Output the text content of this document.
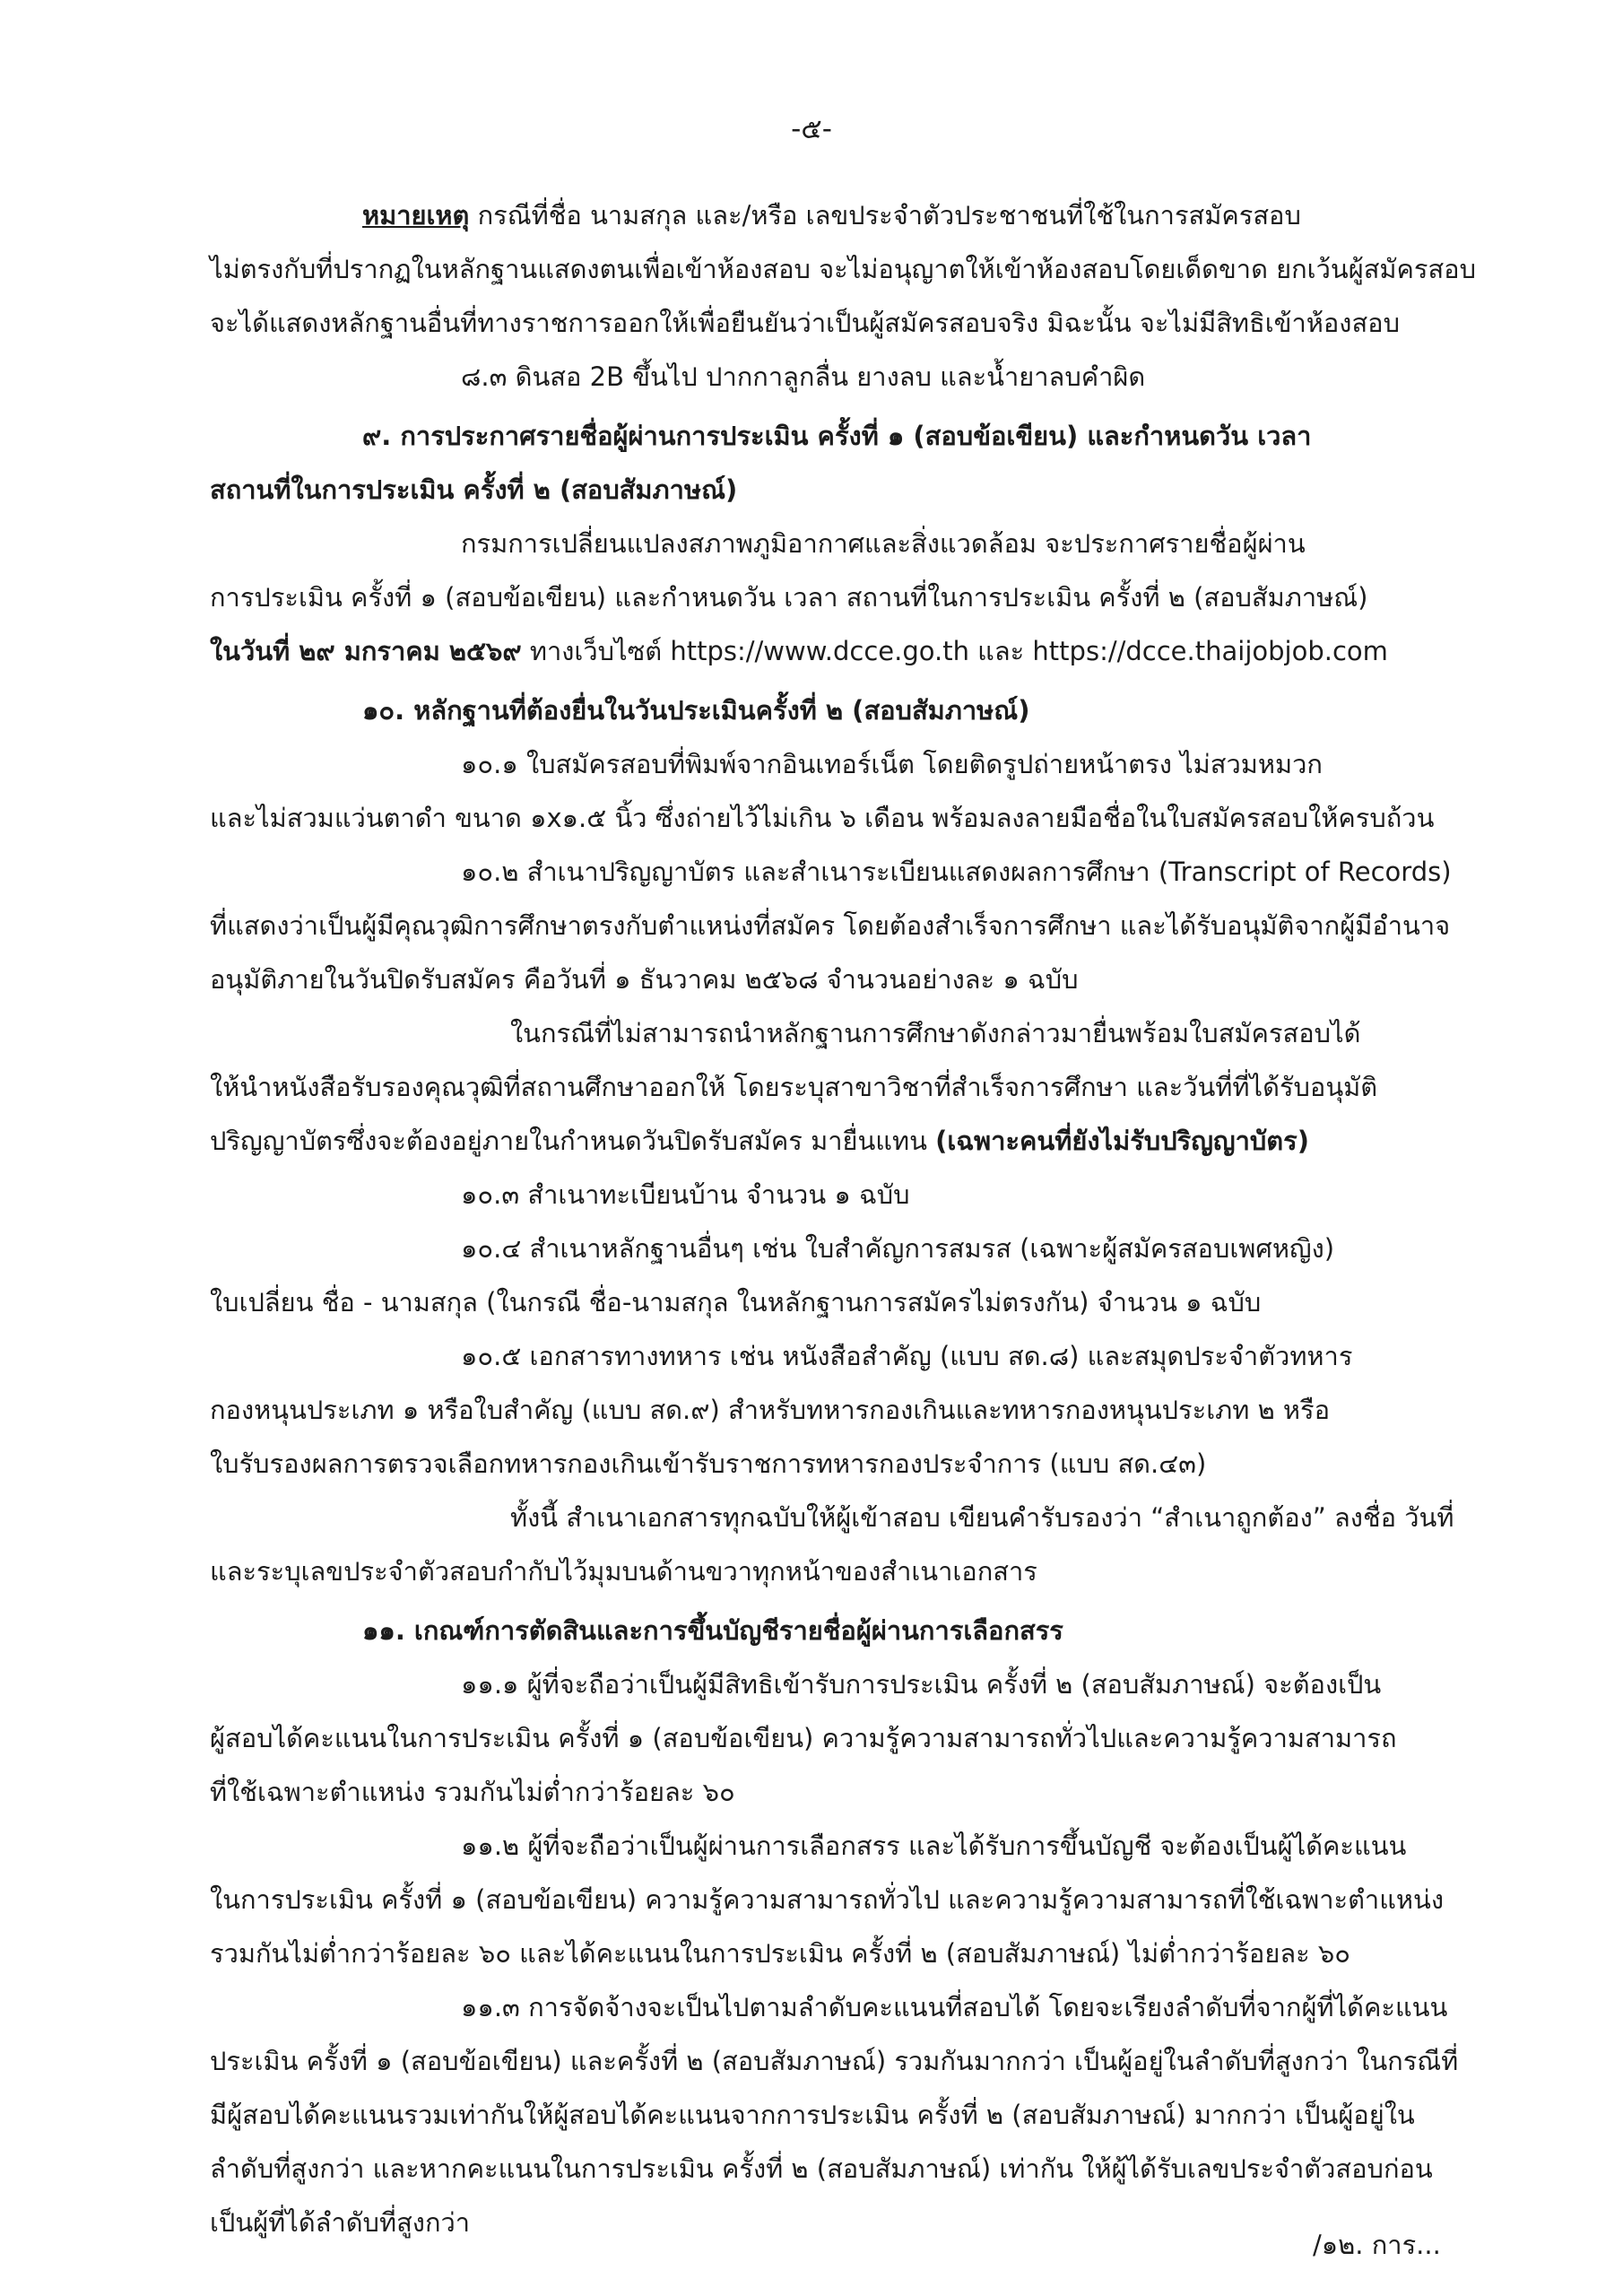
-๕-
หมายเหตุ กรณีที่ชื่อ นามสกุล และ/หรือ เลขประจำตัวประชาชนที่ใช้ในการสมัครสอบ
ไม่ตรงกับที่ปรากฏในหลักฐานแสดงตนเพื่อเข้าห้องสอบ จะไม่อนุญาตให้เข้าห้องสอบโดยเด็ดขาด ยกเว้นผู้สมัครสอบ
จะได้แสดงหลักฐานอื่นที่ทางราชการออกให้เพื่อยืนยันว่าเป็นผู้สมัครสอบจริง มิฉะนั้น จะไม่มีสิทธิเข้าห้องสอบ
๘.๓ ดินสอ 2B ขึ้นไป ปากกาลูกลื่น ยางลบ และน้ำยาลบคำผิด
๙. การประกาศรายชื่อผู้ผ่านการประเมิน ครั้งที่ ๑ (สอบข้อเขียน) และกำหนดวัน เวลา
สถานที่ในการประเมิน ครั้งที่ ๒ (สอบสัมภาษณ์)
กรมการเปลี่ยนแปลงสภาพภูมิอากาศและสิ่งแวดล้อม จะประกาศรายชื่อผู้ผ่าน
การประเมิน ครั้งที่ ๑ (สอบข้อเขียน) และกำหนดวัน เวลา สถานที่ในการประเมิน ครั้งที่ ๒ (สอบสัมภาษณ์)
ในวันที่ ๒๙ มกราคม ๒๕๖๙ ทางเว็บไซต์ https://www.dcce.go.th และ https://dcce.thaijobjob.com
๑๐. หลักฐานที่ต้องยื่นในวันประเมินครั้งที่ ๒ (สอบสัมภาษณ์)
๑๐.๑ ใบสมัครสอบที่พิมพ์จากอินเทอร์เน็ต โดยติดรูปถ่ายหน้าตรง ไม่สวมหมวก
และไม่สวมแว่นตาดำ ขนาด ๑x๑.๕ นิ้ว ซึ่งถ่ายไว้ไม่เกิน ๖ เดือน พร้อมลงลายมือชื่อในใบสมัครสอบให้ครบถ้วน
๑๐.๒ สำเนาปริญญาบัตร และสำเนาระเบียนแสดงผลการศึกษา (Transcript of Records)
ที่แสดงว่าเป็นผู้มีคุณวุฒิการศึกษาตรงกับตำแหน่งที่สมัคร โดยต้องสำเร็จการศึกษา และได้รับอนุมัติจากผู้มีอำนาจ
อนุมัติภายในวันปิดรับสมัคร คือวันที่ ๑ ธันวาคม ๒๕๖๘ จำนวนอย่างละ ๑ ฉบับ
ในกรณีที่ไม่สามารถนำหลักฐานการศึกษาดังกล่าวมายื่นพร้อมใบสมัครสอบได้
ให้นำหนังสือรับรองคุณวุฒิที่สถานศึกษาออกให้ โดยระบุสาขาวิชาที่สำเร็จการศึกษา และวันที่ที่ได้รับอนุมัติ
ปริญญาบัตรซึ่งจะต้องอยู่ภายในกำหนดวันปิดรับสมัคร มายื่นแทน (เฉพาะคนที่ยังไม่รับปริญญาบัตร)
๑๐.๓ สำเนาทะเบียนบ้าน จำนวน ๑ ฉบับ
๑๐.๔ สำเนาหลักฐานอื่นๆ เช่น ใบสำคัญการสมรส (เฉพาะผู้สมัครสอบเพศหญิง)
ใบเปลี่ยน ชื่อ - นามสกุล (ในกรณี ชื่อ-นามสกุล ในหลักฐานการสมัครไม่ตรงกัน) จำนวน ๑ ฉบับ
๑๐.๕ เอกสารทางทหาร เช่น หนังสือสำคัญ (แบบ สด.๘) และสมุดประจำตัวทหาร
กองหนุนประเภท ๑ หรือใบสำคัญ (แบบ สด.๙) สำหรับทหารกองเกินและทหารกองหนุนประเภท ๒ หรือ
ใบรับรองผลการตรวจเลือกทหารกองเกินเข้ารับราชการทหารกองประจำการ (แบบ สด.๔๓)
ทั้งนี้ สำเนาเอกสารทุกฉบับให้ผู้เข้าสอบ เขียนคำรับรองว่า “สำเนาถูกต้อง” ลงชื่อ วันที่
และระบุเลขประจำตัวสอบกำกับไว้มุมบนด้านขวาทุกหน้าของสำเนาเอกสาร
๑๑. เกณฑ์การตัดสินและการขึ้นบัญชีรายชื่อผู้ผ่านการเลือกสรร
๑๑.๑ ผู้ที่จะถือว่าเป็นผู้มีสิทธิเข้ารับการประเมิน ครั้งที่ ๒ (สอบสัมภาษณ์) จะต้องเป็น
ผู้สอบได้คะแนนในการประเมิน ครั้งที่ ๑ (สอบข้อเขียน) ความรู้ความสามารถทั่วไปและความรู้ความสามารถ
ที่ใช้เฉพาะตำแหน่ง รวมกันไม่ต่ำกว่าร้อยละ ๖๐
๑๑.๒ ผู้ที่จะถือว่าเป็นผู้ผ่านการเลือกสรร และได้รับการขึ้นบัญชี จะต้องเป็นผู้ได้คะแนน
ในการประเมิน ครั้งที่ ๑ (สอบข้อเขียน) ความรู้ความสามารถทั่วไป และความรู้ความสามารถที่ใช้เฉพาะตำแหน่ง
รวมกันไม่ต่ำกว่าร้อยละ ๖๐ และได้คะแนนในการประเมิน ครั้งที่ ๒ (สอบสัมภาษณ์) ไม่ต่ำกว่าร้อยละ ๖๐
๑๑.๓ การจัดจ้างจะเป็นไปตามลำดับคะแนนที่สอบได้ โดยจะเรียงลำดับที่จากผู้ที่ได้คะแนน
ประเมิน ครั้งที่ ๑ (สอบข้อเขียน) และครั้งที่ ๒ (สอบสัมภาษณ์) รวมกันมากกว่า เป็นผู้อยู่ในลำดับที่สูงกว่า ในกรณีที่
มีผู้สอบได้คะแนนรวมเท่ากันให้ผู้สอบได้คะแนนจากการประเมิน ครั้งที่ ๒ (สอบสัมภาษณ์) มากกว่า เป็นผู้อยู่ใน
ลำดับที่สูงกว่า และหากคะแนนในการประเมิน ครั้งที่ ๒ (สอบสัมภาษณ์) เท่ากัน ให้ผู้ได้รับเลขประจำตัวสอบก่อน
เป็นผู้ที่ได้ลำดับที่สูงกว่า
/๑๒. การ...
